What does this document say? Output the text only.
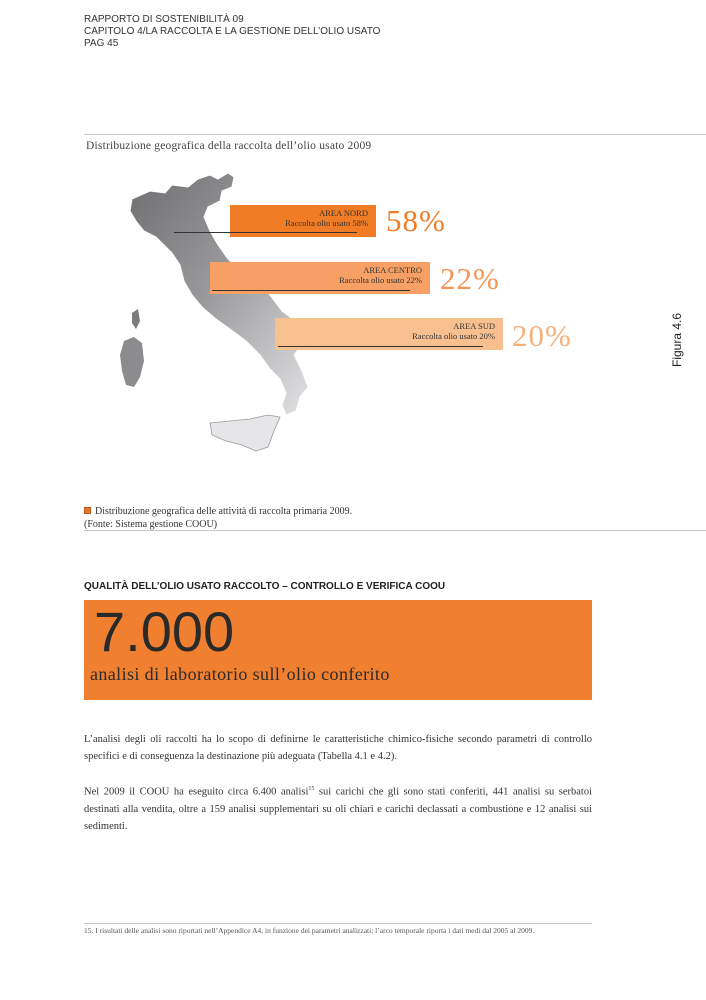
RAPPORTO DI SOSTENIBILITÀ 09
CAPITOLO 4/LA RACCOLTA E LA GESTIONE DELL’OLIO USATO
PAG 45
Distribuzione geografica della raccolta dell’olio usato 2009
Figura 4.6
AREA NORD
Raccolta olio usato 58% 58%
AREA CENTRO
Raccolta olio usato 22% 22%
AREA SUD
Raccolta olio usato 20% 20%
Distribuzione geografica delle attività di raccolta primaria 2009.
(Fonte: Sistema gestione COOU)
QUALITÀ DELL’OLIO USATO RACCOLTO – CONTROLLO E VERIFICA COOU
7.000
analisi di laboratorio sull’olio conferito
L’analisi degli oli raccolti ha lo scopo di definirne le caratteristiche chimico-fisiche secondo parametri di controllo specifici e di conseguenza la destinazione più adeguata (Tabella 4.1 e 4.2).
Nel 2009 il COOU ha eseguito circa 6.400 analisi$^{15}$ sui carichi che gli sono stati conferiti, 441 analisi su serbatoi destinati alla vendita, oltre a 159 analisi supplementari su oli chiari e carichi declassati a combustione e 12 analisi sui sedimenti.
15. I risultati delle analisi sono riportati nell’Appendice A4, in funzione dei parametri analizzati; l’arco temporale riporta i dati medi dal 2005 al 2009.
